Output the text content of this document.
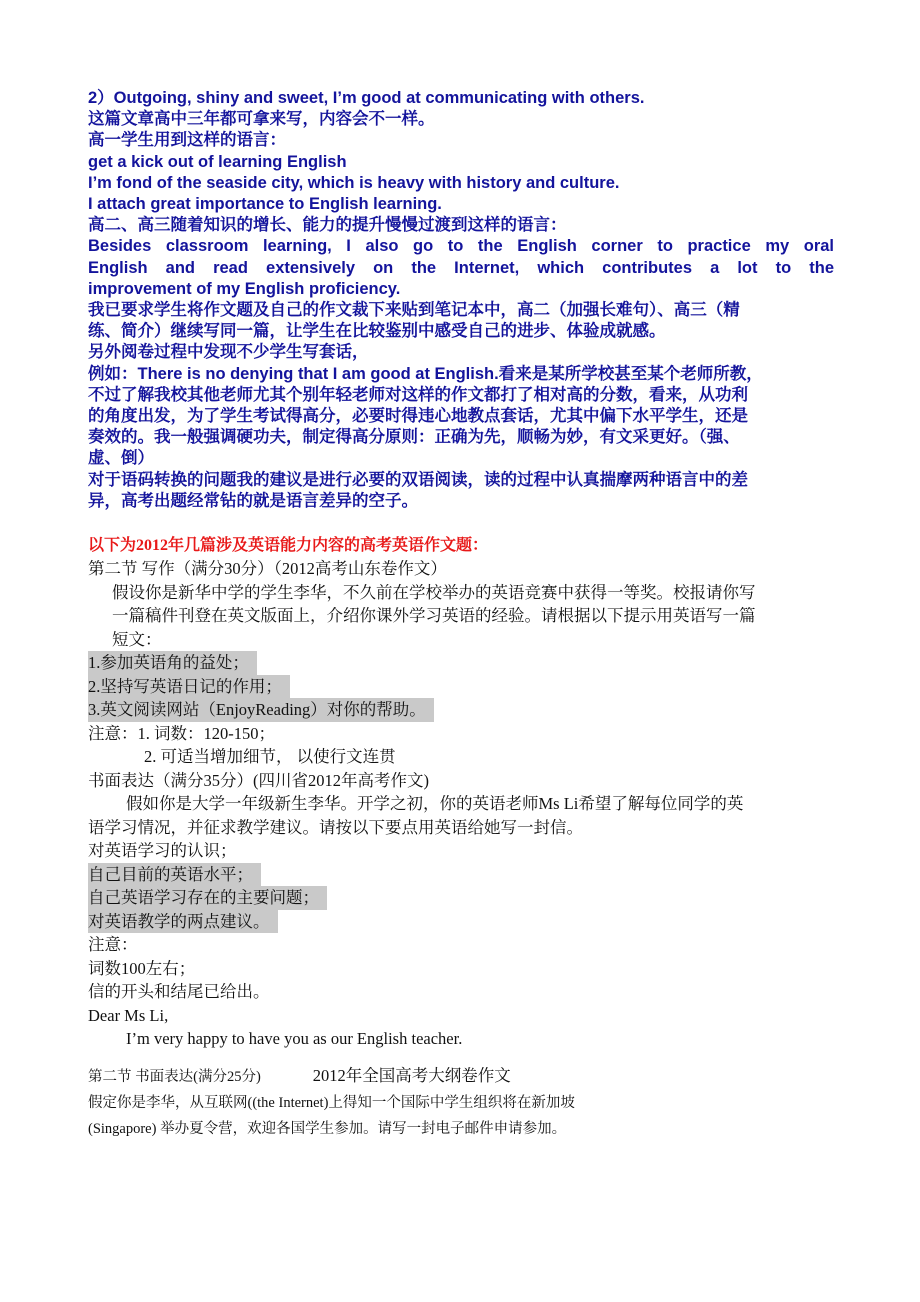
2）Outgoing, shiny and sweet, I’m good at communicating with others.

这篇文章高中三年都可拿来写，内容会不一样。

高一学生用到这样的语言：

get a kick out of learning English

I’m fond of the seaside city, which is heavy with history and culture.

I attach great importance to English learning.

高二、高三随着知识的增长、能力的提升慢慢过渡到这样的语言：

Besides classroom learning, I also go to the English corner to practice my oral

English and read extensively on the Internet, which contributes a lot to the

improvement of my English proficiency.

我已要求学生将作文题及自己的作文裁下来贴到笔记本中，高二（加强长难句）、高三（精

练、简介）继续写同一篇，让学生在比较鉴别中感受自己的进步、体验成就感。

另外阅卷过程中发现不少学生写套话，

例如：There is no denying that I am good at English.看来是某所学校甚至某个老师所教，

不过了解我校其他老师尤其个别年轻老师对这样的作文都打了相对高的分数，看来，从功利

的角度出发，为了学生考试得高分，必要时得违心地教点套话，尤其中偏下水平学生，还是

奏效的。我一般强调硬功夫，制定得高分原则：正确为先，顺畅为妙，有文采更好。（强、

虚、倒）

对于语码转换的问题我的建议是进行必要的双语阅读，读的过程中认真揣摩两种语言中的差

异，高考出题经常钻的就是语言差异的空子。

以下为2012年几篇涉及英语能力内容的高考英语作文题：

第二节 写作（满分30分）（2012高考山东卷作文）

假设你是新华中学的学生李华，不久前在学校举办的英语竞赛中获得一等奖。校报请你写

一篇稿件刊登在英文版面上，介绍你课外学习英语的经验。请根据以下提示用英语写一篇

短文：

1.参加英语角的益处；

2.坚持写英语日记的作用；

3.英文阅读网站（EnjoyReading）对你的帮助。

注意：1. 词数：120-150；

2. 可适当增加细节， 以使行文连贯

书面表达（满分35分）(四川省2012年高考作文)

假如你是大学一年级新生李华。开学之初，你的英语老师Ms Li希望了解每位同学的英

语学习情况，并征求教学建议。请按以下要点用英语给她写一封信。

对英语学习的认识；

自己目前的英语水平；

自己英语学习存在的主要问题；

对英语教学的两点建议。

注意：

词数100左右；

信的开头和结尾已给出。

Dear Ms Li,

I’m very happy to have you as our English teacher.

第二节 书面表达(满分25分)	2012年全国高考大纲卷作文

假定你是李华，从互联网((the Internet)上得知一个国际中学生组织将在新加坡

(Singapore) 举办夏令营，欢迎各国学生参加。请写一封电子邮件申请参加。
